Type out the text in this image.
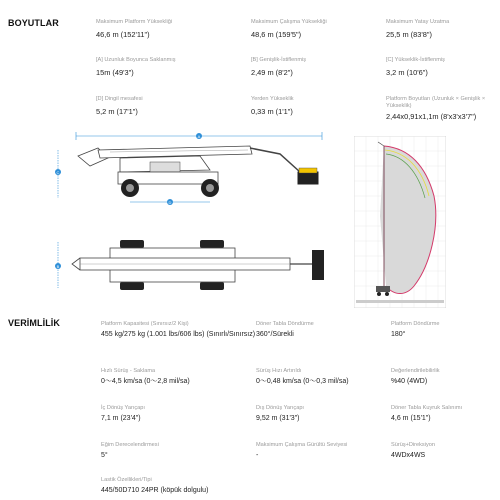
BOYUTLAR
VERİMLİLİK
Maksimum Platform Yüksekliği
46,6 m (152'11")
Maksimum Çalışma Yüksekliği
48,6 m (159'5")
Maksimum Yatay Uzatma
25,5 m (83'8")
[A] Uzunluk Boyunca Saklanmış
15m (49'3")
[B] Genişlik-İstiflenmiş
2,49 m (8'2")
[C] Yükseklik-İstiflenmiş
3,2 m (10'6")
[D] Dingil mesafesi
5,2 m (17'1")
Yerden Yükseklik
0,33 m (1'1")
Platform Boyutları (Uzunluk × Genişlik × Yükseklik)
2,44x0,91x1,1m (8'x3'x3'7")
A
C
D
B
Platform Kapasitesi (Sınırsız/2 Kişi)
455 kg/275 kg (1.001 lbs/606 lbs) (Sınırlı/Sınırsız)
Döner Tabla Döndürme
360°/Sürekli
Platform Döndürme
180°
Hızlı Sürüş - Saklama
0～4,5 km/sa (0～2,8 mil/sa)
Sürüş Hızı Artırıldı
0～0,48 km/sa (0～0,3 mil/sa)
Değerlendirilebilirlik
%40 (4WD)
İç Dönüş Yarıçapı
7,1 m (23'4")
Dış Dönüş Yarıçapı
9,52 m (31'3")
Döner Tabla Kuyruk Salınımı
4,6 m (15'1")
Eğim Derecelendirmesi
5°
Maksimum Çalışma Gürültü Seviyesi
-
Sürüş+Direksiyon
4WDx4WS
Lastik Özellikleri/Tipi
445/50D710 24PR (köpük dolgulu)
